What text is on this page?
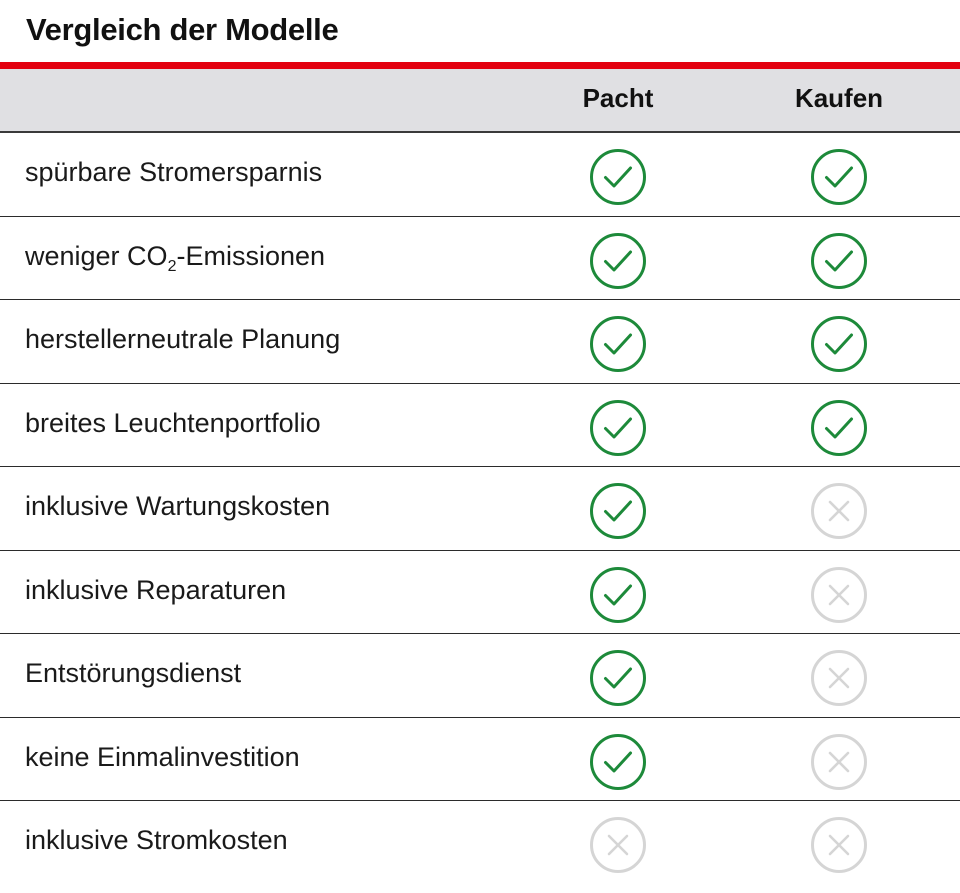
Vergleich der Modelle
Pacht	Kaufen
spürbare Stromersparnis
weniger $CO_2$-Emissionen
herstellerneutrale Planung
breites Leuchtenportfolio
inklusive Wartungskosten
inklusive Reparaturen
Entstörungsdienst
keine Einmalinvestition
inklusive Stromkosten
